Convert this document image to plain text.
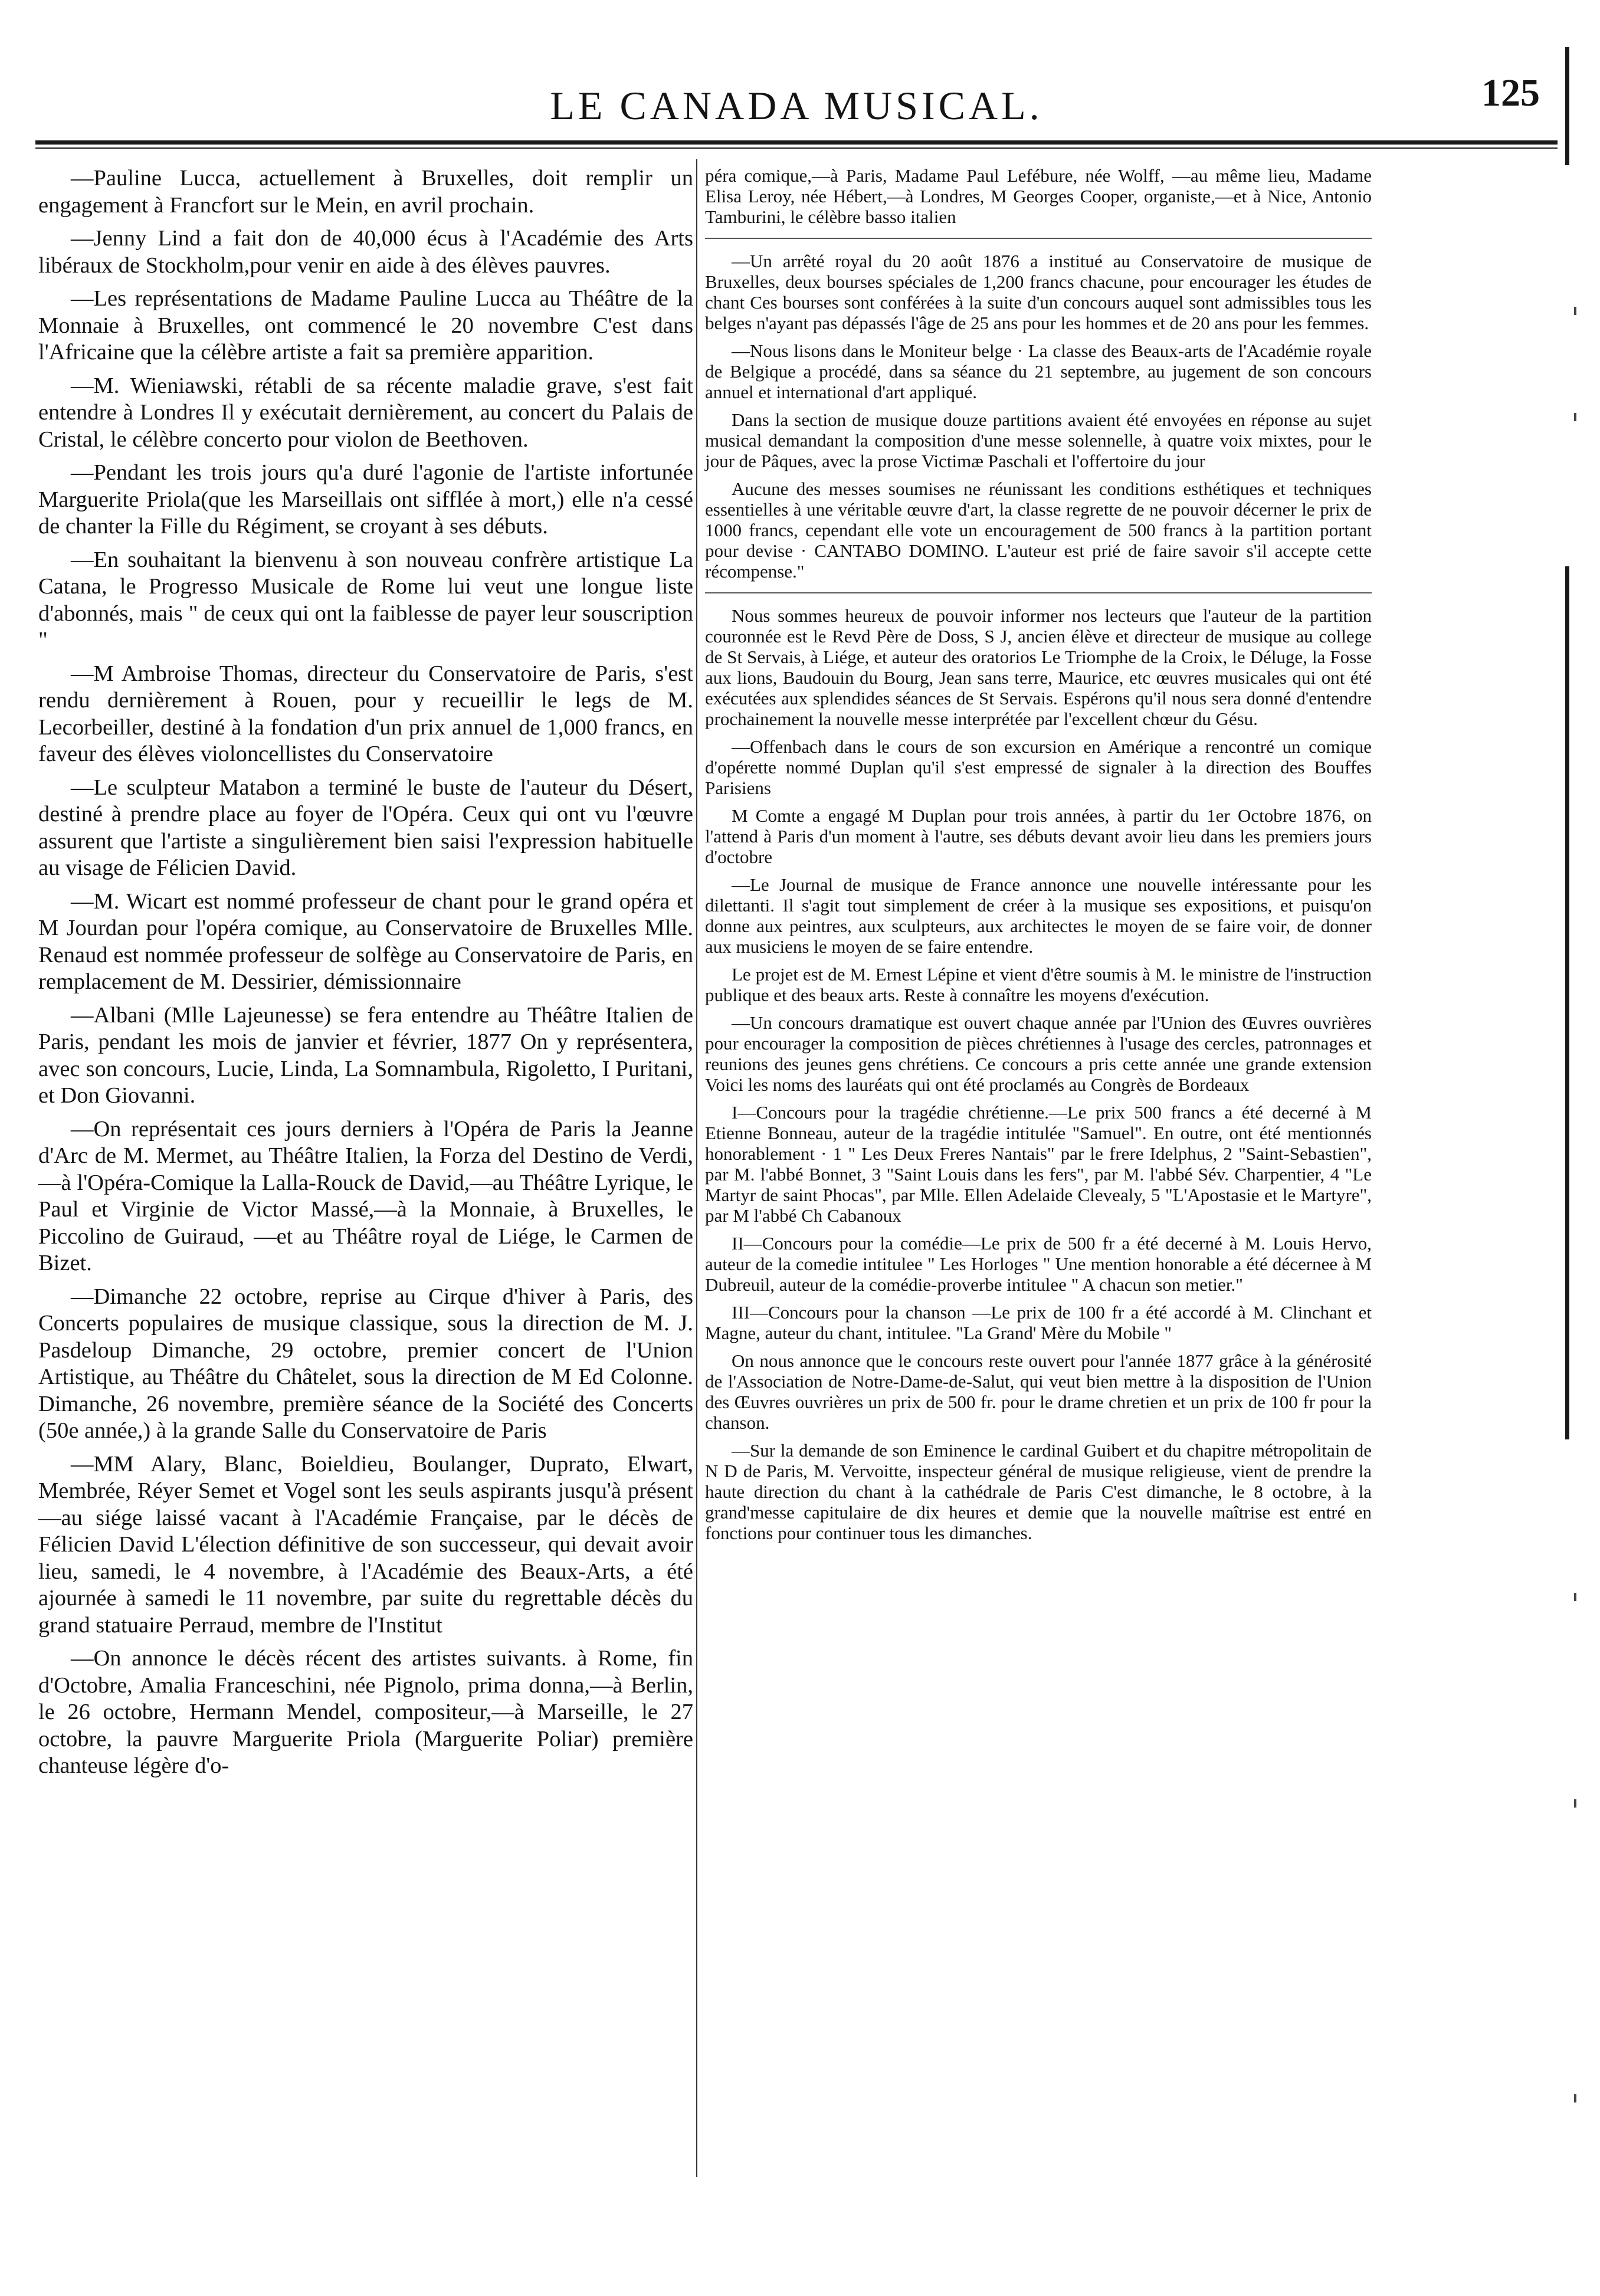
LE CANADA MUSICAL.	125

—Pauline Lucca, actuellement à Bruxelles, doit remplir un engagement à Francfort sur le Mein, en avril prochain.

—Jenny Lind a fait don de 40,000 écus à l'Académie des Arts libéraux de Stockholm,pour venir en aide à des élèves pauvres.

—Les représentations de Madame Pauline Lucca au Théâtre de la Monnaie à Bruxelles, ont commencé le 20 novembre C'est dans l'Africaine que la célèbre artiste a fait sa première apparition.

—M. Wieniawski, rétabli de sa récente maladie grave, s'est fait entendre à Londres Il y exécutait dernièrement, au concert du Palais de Cristal, le célèbre concerto pour violon de Beethoven.

—Pendant les trois jours qu'a duré l'agonie de l'artiste infortunée Marguerite Priola(que les Marseillais ont sifflée à mort,) elle n'a cessé de chanter la Fille du Régiment, se croyant à ses débuts.

—En souhaitant la bienvenu à son nouveau confrère artistique La Catana, le Progresso Musicale de Rome lui veut une longue liste d'abonnés, mais " de ceux qui ont la faiblesse de payer leur souscription "

—M Ambroise Thomas, directeur du Conservatoire de Paris, s'est rendu dernièrement à Rouen, pour y recueillir le legs de M. Lecorbeiller, destiné à la fondation d'un prix annuel de 1,000 francs, en faveur des élèves violoncellistes du Conservatoire

—Le sculpteur Matabon a terminé le buste de l'auteur du Désert, destiné à prendre place au foyer de l'Opéra. Ceux qui ont vu l'œuvre assurent que l'artiste a singulièrement bien saisi l'expression habituelle au visage de Félicien David.

—M. Wicart est nommé professeur de chant pour le grand opéra et M Jourdan pour l'opéra comique, au Conservatoire de Bruxelles Mlle. Renaud est nommée professeur de solfège au Conservatoire de Paris, en remplacement de M. Dessirier, démissionnaire

—Albani (Mlle Lajeunesse) se fera entendre au Théâtre Italien de Paris, pendant les mois de janvier et février, 1877 On y représentera, avec son concours, Lucie, Linda, La Somnambula, Rigoletto, I Puritani, et Don Giovanni.

—On représentait ces jours derniers à l'Opéra de Paris la Jeanne d'Arc de M. Mermet, au Théâtre Italien, la Forza del Destino de Verdi,—à l'Opéra-Comique la Lalla-Rouck de David,—au Théâtre Lyrique, le Paul et Virginie de Victor Massé,—à la Monnaie, à Bruxelles, le Piccolino de Guiraud, —et au Théâtre royal de Liége, le Carmen de Bizet.

—Dimanche 22 octobre, reprise au Cirque d'hiver à Paris, des Concerts populaires de musique classique, sous la direction de M. J. Pasdeloup Dimanche, 29 octobre, premier concert de l'Union Artistique, au Théâtre du Châtelet, sous la direction de M Ed Colonne. Dimanche, 26 novembre, première séance de la Société des Concerts (50e année,) à la grande Salle du Conservatoire de Paris

—MM Alary, Blanc, Boieldieu, Boulanger, Duprato, Elwart, Membrée, Réyer Semet et Vogel sont les seuls aspirants jusqu'à présent—au siége laissé vacant à l'Académie Française, par le décès de Félicien David L'élection définitive de son successeur, qui devait avoir lieu, samedi, le 4 novembre, à l'Académie des Beaux-Arts, a été ajournée à samedi le 11 novembre, par suite du regrettable décès du grand statuaire Perraud, membre de l'Institut

—On annonce le décès récent des artistes suivants. à Rome, fin d'Octobre, Amalia Franceschini, née Pignolo, prima donna,—à Berlin, le 26 octobre, Hermann Mendel, compositeur,—à Marseille, le 27 octobre, la pauvre Marguerite Priola (Marguerite Poliar) première chanteuse légère d'o-

péra comique,—à Paris, Madame Paul Lefébure, née Wolff, —au même lieu, Madame Elisa Leroy, née Hébert,—à Londres, M Georges Cooper, organiste,—et à Nice, Antonio Tamburini, le célèbre basso italien

—Un arrêté royal du 20 août 1876 a institué au Conservatoire de musique de Bruxelles, deux bourses spéciales de 1,200 francs chacune, pour encourager les études de chant Ces bourses sont conférées à la suite d'un concours auquel sont admissibles tous les belges n'ayant pas dépassés l'âge de 25 ans pour les hommes et de 20 ans pour les femmes.

—Nous lisons dans le Moniteur belge · La classe des Beaux-arts de l'Académie royale de Belgique a procédé, dans sa séance du 21 septembre, au jugement de son concours annuel et international d'art appliqué.

Dans la section de musique douze partitions avaient été envoyées en réponse au sujet musical demandant la composition d'une messe solennelle, à quatre voix mixtes, pour le jour de Pâques, avec la prose Victimæ Paschali et l'offertoire du jour

Aucune des messes soumises ne réunissant les conditions esthétiques et techniques essentielles à une véritable œuvre d'art, la classe regrette de ne pouvoir décerner le prix de 1000 francs, cependant elle vote un encouragement de 500 francs à la partition portant pour devise · CANTABO DOMINO. L'auteur est prié de faire savoir s'il accepte cette récompense."

Nous sommes heureux de pouvoir informer nos lecteurs que l'auteur de la partition couronnée est le Revd Père de Doss, S J, ancien élève et directeur de musique au college de St Servais, à Liége, et auteur des oratorios Le Triomphe de la Croix, le Déluge, la Fosse aux lions, Baudouin du Bourg, Jean sans terre, Maurice, etc œuvres musicales qui ont été exécutées aux splendides séances de St Servais. Espérons qu'il nous sera donné d'entendre prochainement la nouvelle messe interprétée par l'excellent chœur du Gésu.

—Offenbach dans le cours de son excursion en Amérique a rencontré un comique d'opérette nommé Duplan qu'il s'est empressé de signaler à la direction des Bouffes Parisiens

M Comte a engagé M Duplan pour trois années, à partir du 1er Octobre 1876, on l'attend à Paris d'un moment à l'autre, ses débuts devant avoir lieu dans les premiers jours d'octobre

—Le Journal de musique de France annonce une nouvelle intéressante pour les dilettanti. Il s'agit tout simplement de créer à la musique ses expositions, et puisqu'on donne aux peintres, aux sculpteurs, aux architectes le moyen de se faire voir, de donner aux musiciens le moyen de se faire entendre.

Le projet est de M. Ernest Lépine et vient d'être soumis à M. le ministre de l'instruction publique et des beaux arts. Reste à connaître les moyens d'exécution.

—Un concours dramatique est ouvert chaque année par l'Union des Œuvres ouvrières pour encourager la composition de pièces chrétiennes à l'usage des cercles, patronnages et reunions des jeunes gens chrétiens. Ce concours a pris cette année une grande extension Voici les noms des lauréats qui ont été proclamés au Congrès de Bordeaux

I—Concours pour la tragédie chrétienne.—Le prix 500 francs a été decerné à M Etienne Bonneau, auteur de la tragédie intitulée "Samuel". En outre, ont été mentionnés honorablement · 1 " Les Deux Freres Nantais" par le frere Idelphus, 2 "Saint-Sebastien", par M. l'abbé Bonnet, 3 "Saint Louis dans les fers", par M. l'abbé Sév. Charpentier, 4 "Le Martyr de saint Phocas", par Mlle. Ellen Adelaide Clevealy, 5 "L'Apostasie et le Martyre", par M l'abbé Ch Cabanoux

II—Concours pour la comédie—Le prix de 500 fr a été decerné à M. Louis Hervo, auteur de la comedie intitulee " Les Horloges " Une mention honorable a été décernee à M Dubreuil, auteur de la comédie-proverbe intitulee " A chacun son metier."

III—Concours pour la chanson —Le prix de 100 fr a été accordé à M. Clinchant et Magne, auteur du chant, intitulee. "La Grand' Mère du Mobile "

On nous annonce que le concours reste ouvert pour l'année 1877 grâce à la générosité de l'Association de Notre-Dame-de-Salut, qui veut bien mettre à la disposition de l'Union des Œuvres ouvrières un prix de 500 fr. pour le drame chretien et un prix de 100 fr pour la chanson.

—Sur la demande de son Eminence le cardinal Guibert et du chapitre métropolitain de N D de Paris, M. Vervoitte, inspecteur général de musique religieuse, vient de prendre la haute direction du chant à la cathédrale de Paris C'est dimanche, le 8 octobre, à la grand'messe capitulaire de dix heures et demie que la nouvelle maîtrise est entré en fonctions pour continuer tous les dimanches.
